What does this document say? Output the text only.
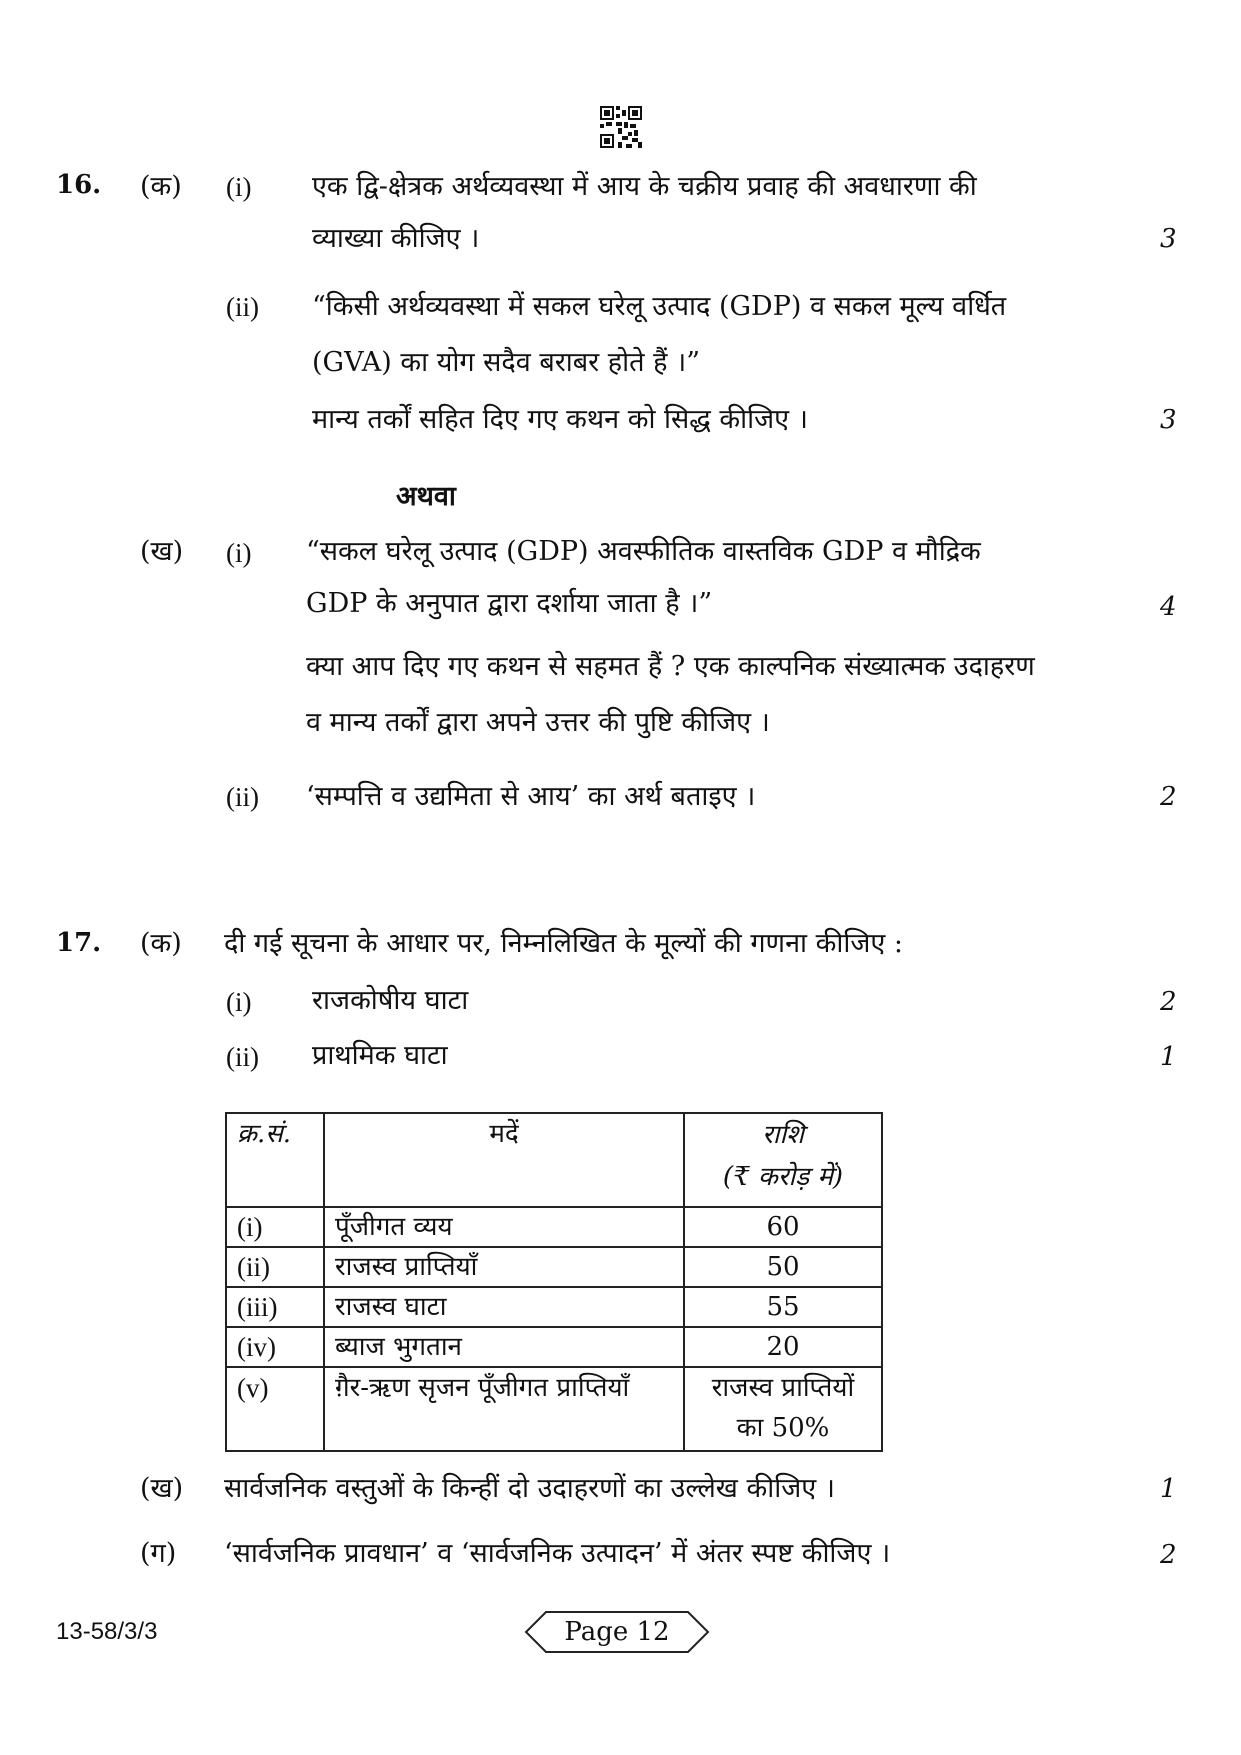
16. (क) (i) एक द्वि-क्षेत्रक अर्थव्यवस्था में आय के चक्रीय प्रवाह की अवधारणा की
व्याख्या कीजिए ।	3
(ii) “किसी अर्थव्यवस्था में सकल घरेलू उत्पाद (GDP) व सकल मूल्य वर्धित
(GVA) का योग सदैव बराबर होते हैं ।”
मान्य तर्कों सहित दिए गए कथन को सिद्ध कीजिए ।	3
अथवा
(ख) (i) “सकल घरेलू उत्पाद (GDP) अवस्फीतिक वास्तविक GDP व मौद्रिक
GDP के अनुपात द्वारा दर्शाया जाता है ।”	4
क्या आप दिए गए कथन से सहमत हैं ? एक काल्पनिक संख्यात्मक उदाहरण
व मान्य तर्कों द्वारा अपने उत्तर की पुष्टि कीजिए ।
(ii) ‘सम्पत्ति व उद्यमिता से आय’ का अर्थ बताइए ।	2
17. (क) दी गई सूचना के आधार पर, निम्नलिखित के मूल्यों की गणना कीजिए :
(i) राजकोषीय घाटा	2
(ii) प्राथमिक घाटा	1
क्र.सं.	मदें	राशि
(₹ करोड़ में)

(i)	पूँजीगत व्यय	60
(ii)	राजस्व प्राप्तियाँ	50
(iii)	राजस्व घाटा	55
(iv)	ब्याज भुगतान	20
(v)	ग़ैर-ऋण सृजन पूँजीगत प्राप्तियाँ	राजस्व प्राप्तियों
का 50%
(ख) सार्वजनिक वस्तुओं के किन्हीं दो उदाहरणों का उल्लेख कीजिए ।	1
(ग) ‘सार्वजनिक प्रावधान’ व ‘सार्वजनिक उत्पादन’ में अंतर स्पष्ट कीजिए ।	2
13-58/3/3	Page 12
